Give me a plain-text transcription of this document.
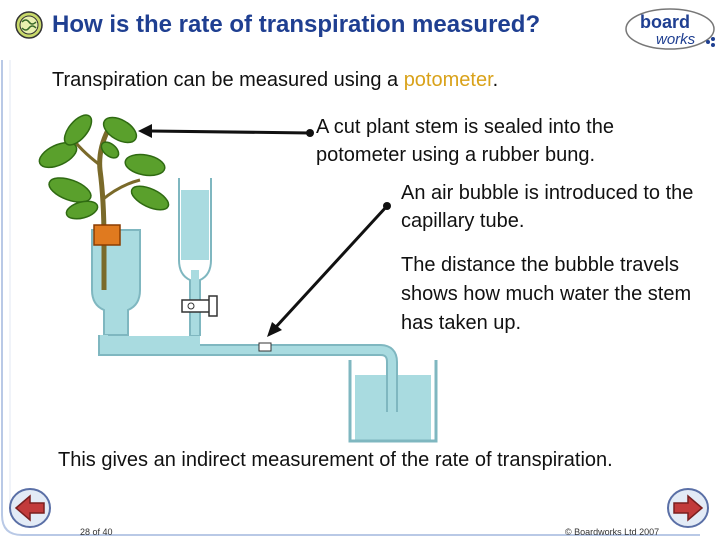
How is the rate of transpiration measured?	board
works
Transpiration can be measured using a potometer.
A cut plant stem is sealed into the potometer using a rubber bung.
An air bubble is introduced to the capillary tube.
The distance the bubble travels shows how much water the stem has taken up.
This gives an indirect measurement of the rate of transpiration.
28 of 40	© Boardworks Ltd 2007
